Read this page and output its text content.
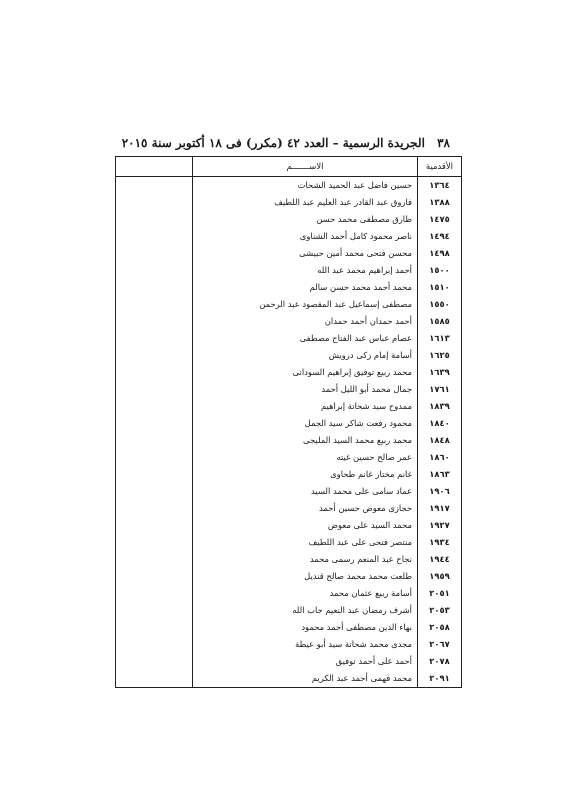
٣٨ الجريدة الرسمية – العدد ٤٢ (مكرر) فى ١٨ أكتوبر سنة ٢٠١٥
الأقدمية	الاســـــــم	
١٣٦٤	حسين فاضل عبد الحميد الشحات	
١٣٨٨	فاروق عبد القادر عبد العليم عبد اللطيف	
١٤٧٥	طارق مصطفى محمد حسن	
١٤٩٤	ناصر محمود كامل أحمد الشناوى	
١٤٩٨	محسن فتحى محمد أمين حبيشى	
١٥٠٠	أحمد إبراهيم محمد عبد الله	
١٥١٠	محمد أحمد محمد حسن سالم	
١٥٥٠	مصطفى إسماعيل عبد المقصود عبد الرحمن	
١٥٨٥	أحمد حمدان أحمد حمدان	
١٦١٣	عصام عباس عبد الفتاح مصطفى	
١٦٢٥	أسامة إمام زكى درويش	
١٦٣٩	محمد ربيع توفيق إبراهيم السودانى	
١٧٦١	جمال محمد أبو الليل أحمد	
١٨٣٩	ممدوح سيد شحاتة إبراهيم	
١٨٤٠	محمود رفعت شاكر سيد الجمل	
١٨٤٨	محمد ربيع محمد السيد المليجى	
١٨٦٠	عمر صالح حسين غيته	
١٨٦٣	غانم مختار غانم طحاوى	
١٩٠٦	عماد سامى على محمد السيد	
١٩١٧	حجازى معوض حسين أحمد	
١٩٢٧	محمد السيد على معوض	
١٩٣٤	منتصر فتحى على عبد اللطيف	
١٩٤٤	نجاح عبد المنعم رسمى محمد	
١٩٥٩	طلعت محمد محمد صالح قنديل	
٢٠٥١	أسامة ربيع عثمان محمد	
٢٠٥٣	أشرف رمضان عبد النعيم جاب الله	
٢٠٥٨	بهاء الدين مصطفى أحمد محمود	
٢٠٦٧	مجدى محمد شحاتة سيد أبو عيطة	
٢٠٧٨	أحمد على أحمد توفيق	
٢٠٩١	محمد فهمى أحمد عبد الكريم	
